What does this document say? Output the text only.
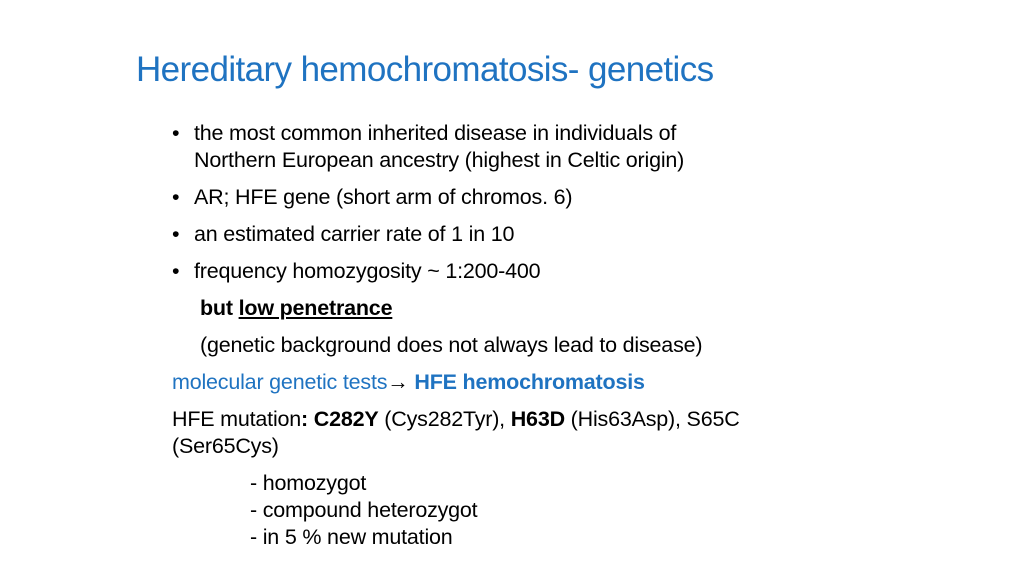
Hereditary hemochromatosis- genetics
• the most common inherited disease in individuals of
Northern European ancestry (highest in Celtic origin)
• AR; HFE gene (short arm of chromos. 6)
• an estimated carrier rate of 1 in 10
• frequency homozygosity ~ 1:200-400
but low penetrance
(genetic background does not always lead to disease)
molecular genetic tests→ HFE hemochromatosis
HFE mutation: C282Y (Cys282Tyr), H63D (His63Asp), S65C
(Ser65Cys)
- homozygot
- compound heterozygot
- in 5 % new mutation
